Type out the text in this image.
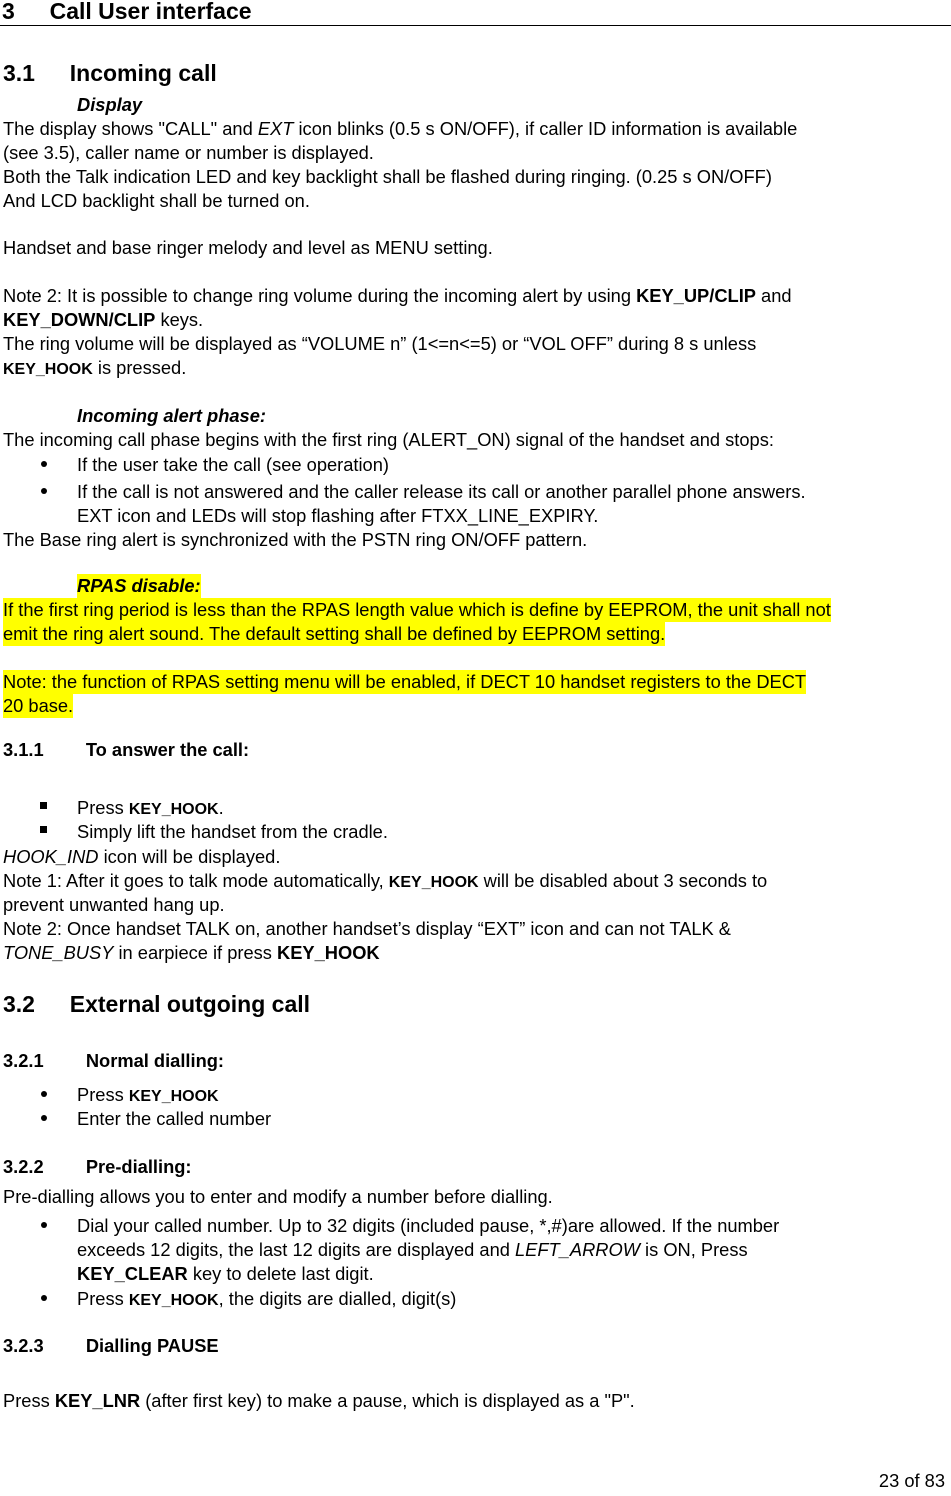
3 Call User interface
3.1 Incoming call
Display
The display shows "CALL" and EXT icon blinks (0.5 s ON/OFF), if caller ID information is available
(see 3.5), caller name or number is displayed.
Both the Talk indication LED and key backlight shall be flashed during ringing. (0.25 s ON/OFF)
And LCD backlight shall be turned on.
Handset and base ringer melody and level as MENU setting.
Note 2: It is possible to change ring volume during the incoming alert by using KEY_UP/CLIP and
KEY_DOWN/CLIP keys.
The ring volume will be displayed as “VOLUME n” (1<=n<=5) or “VOL OFF” during 8 s unless
KEY_HOOK is pressed.
Incoming alert phase:
The incoming call phase begins with the first ring (ALERT_ON) signal of the handset and stops:
If the user take the call (see operation)
If the call is not answered and the caller release its call or another parallel phone answers.
EXT icon and LEDs will stop flashing after FTXX_LINE_EXPIRY.
The Base ring alert is synchronized with the PSTN ring ON/OFF pattern.
RPAS disable:
If the first ring period is less than the RPAS length value which is define by EEPROM, the unit shall not
emit the ring alert sound. The default setting shall be defined by EEPROM setting.
Note: the function of RPAS setting menu will be enabled, if DECT 10 handset registers to the DECT
20 base.
3.1.1 To answer the call:
Press KEY_HOOK.
Simply lift the handset from the cradle.
HOOK_IND icon will be displayed.
Note 1: After it goes to talk mode automatically, KEY_HOOK will be disabled about 3 seconds to
prevent unwanted hang up.
Note 2: Once handset TALK on, another handset’s display “EXT” icon and can not TALK &
TONE_BUSY in earpiece if press KEY_HOOK
3.2 External outgoing call
3.2.1 Normal dialling:
Press KEY_HOOK
Enter the called number
3.2.2 Pre-dialling:
Pre-dialling allows you to enter and modify a number before dialling.
Dial your called number. Up to 32 digits (included pause, *,#)are allowed. If the number
exceeds 12 digits, the last 12 digits are displayed and LEFT_ARROW is ON, Press
KEY_CLEAR key to delete last digit.
Press KEY_HOOK, the digits are dialled, digit(s)
3.2.3 Dialling PAUSE
Press KEY_LNR (after first key) to make a pause, which is displayed as a "P".
23 of 83
